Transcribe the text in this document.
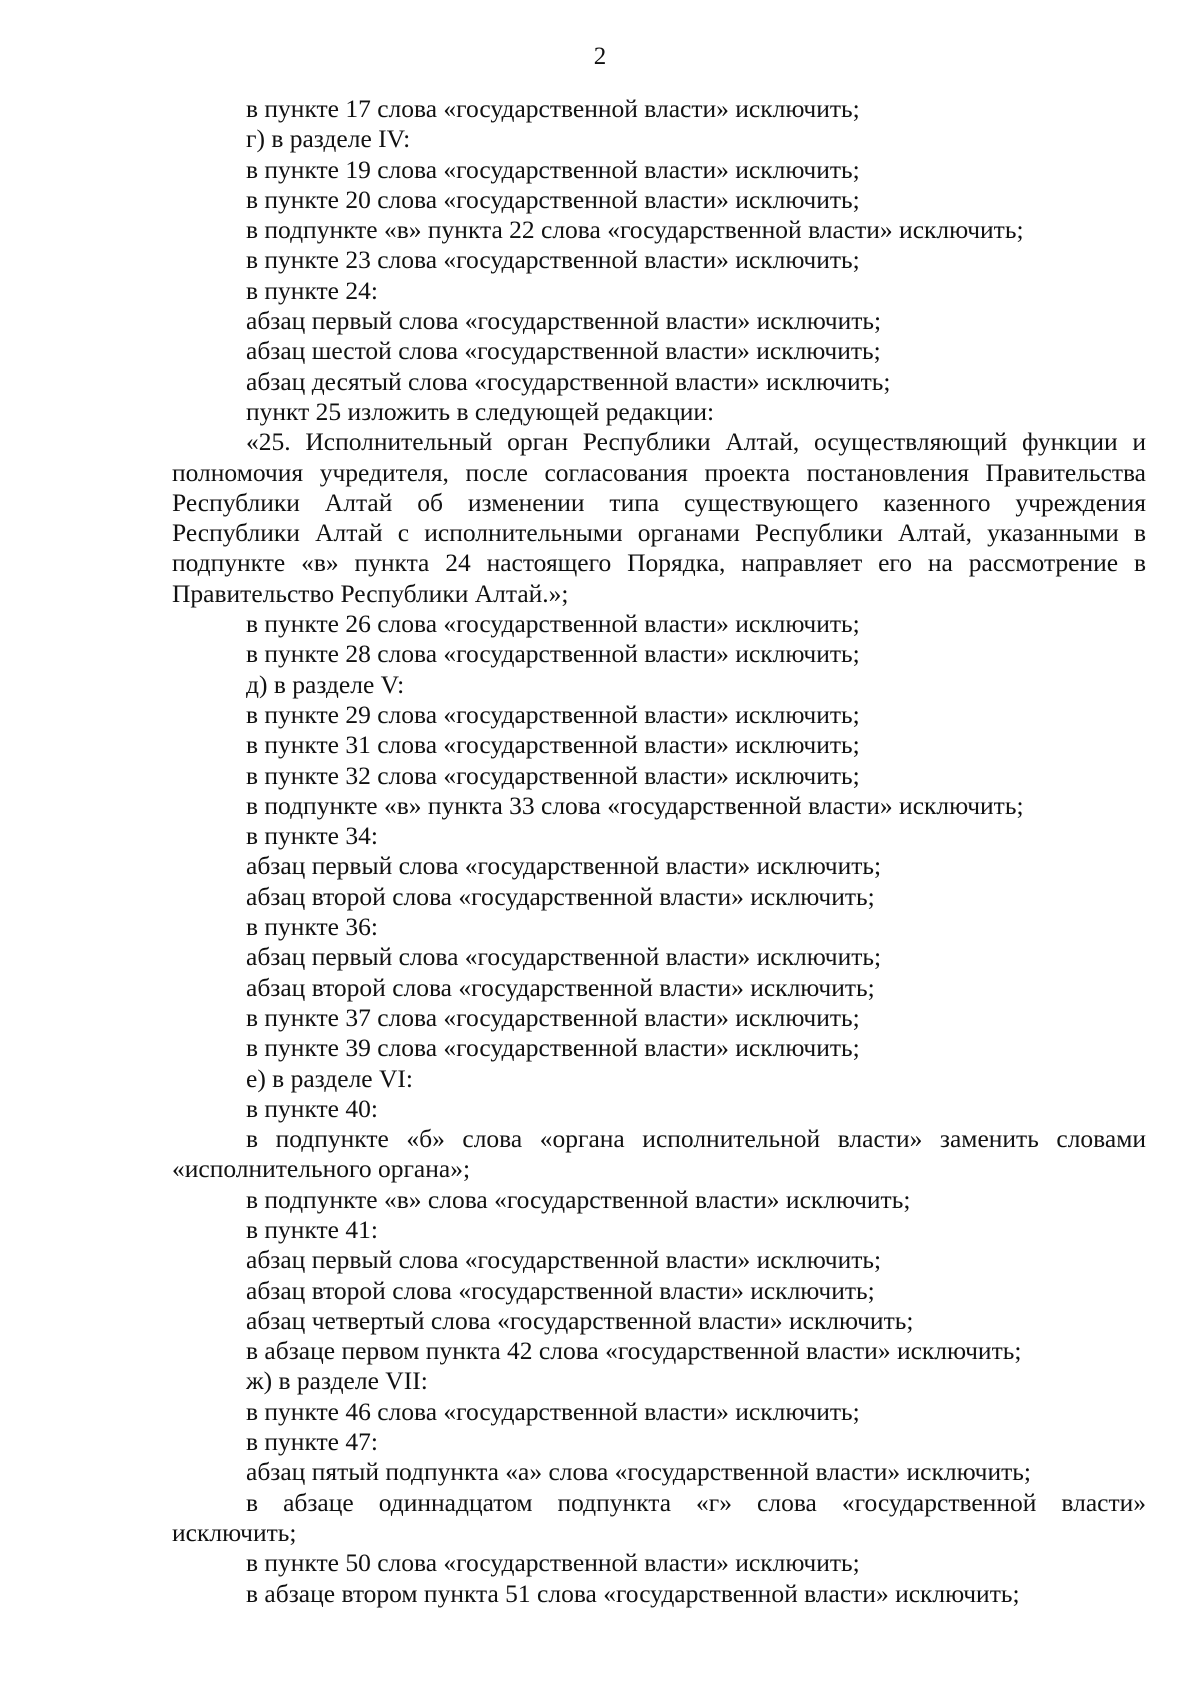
2

в пункте 17 слова «государственной власти» исключить;

г) в разделе IV:

в пункте 19 слова «государственной власти» исключить;

в пункте 20 слова «государственной власти» исключить;

в подпункте «в» пункта 22 слова «государственной власти» исключить;

в пункте 23 слова «государственной власти» исключить;

в пункте 24:

абзац первый слова «государственной власти» исключить;

абзац шестой слова «государственной власти» исключить;

абзац десятый слова «государственной власти» исключить;

пункт 25 изложить в следующей редакции:

«25. Исполнительный орган Республики Алтай, осуществляющий функции и полномочия учредителя, после согласования проекта постановления Правительства Республики Алтай об изменении типа существующего казенного учреждения Республики Алтай с исполнительными органами Республики Алтай, указанными в подпункте «в» пункта 24 настоящего Порядка, направляет его на рассмотрение в Правительство Республики Алтай.»;

в пункте 26 слова «государственной власти» исключить;

в пункте 28 слова «государственной власти» исключить;

д) в разделе V:

в пункте 29 слова «государственной власти» исключить;

в пункте 31 слова «государственной власти» исключить;

в пункте 32 слова «государственной власти» исключить;

в подпункте «в» пункта 33 слова «государственной власти» исключить;

в пункте 34:

абзац первый слова «государственной власти» исключить;

абзац второй слова «государственной власти» исключить;

в пункте 36:

абзац первый слова «государственной власти» исключить;

абзац второй слова «государственной власти» исключить;

в пункте 37 слова «государственной власти» исключить;

в пункте 39 слова «государственной власти» исключить;

е) в разделе VI:

в пункте 40:

в подпункте «б» слова «органа исполнительной власти» заменить словами «исполнительного органа»;

в подпункте «в» слова «государственной власти» исключить;

в пункте 41:

абзац первый слова «государственной власти» исключить;

абзац второй слова «государственной власти» исключить;

абзац четвертый слова «государственной власти» исключить;

в абзаце первом пункта 42 слова «государственной власти» исключить;

ж) в разделе VII:

в пункте 46 слова «государственной власти» исключить;

в пункте 47:

абзац пятый подпункта «а» слова «государственной власти» исключить;

в абзаце одиннадцатом подпункта «г» слова «государственной власти» исключить;

в пункте 50 слова «государственной власти» исключить;

в абзаце втором пункта 51 слова «государственной власти» исключить;
